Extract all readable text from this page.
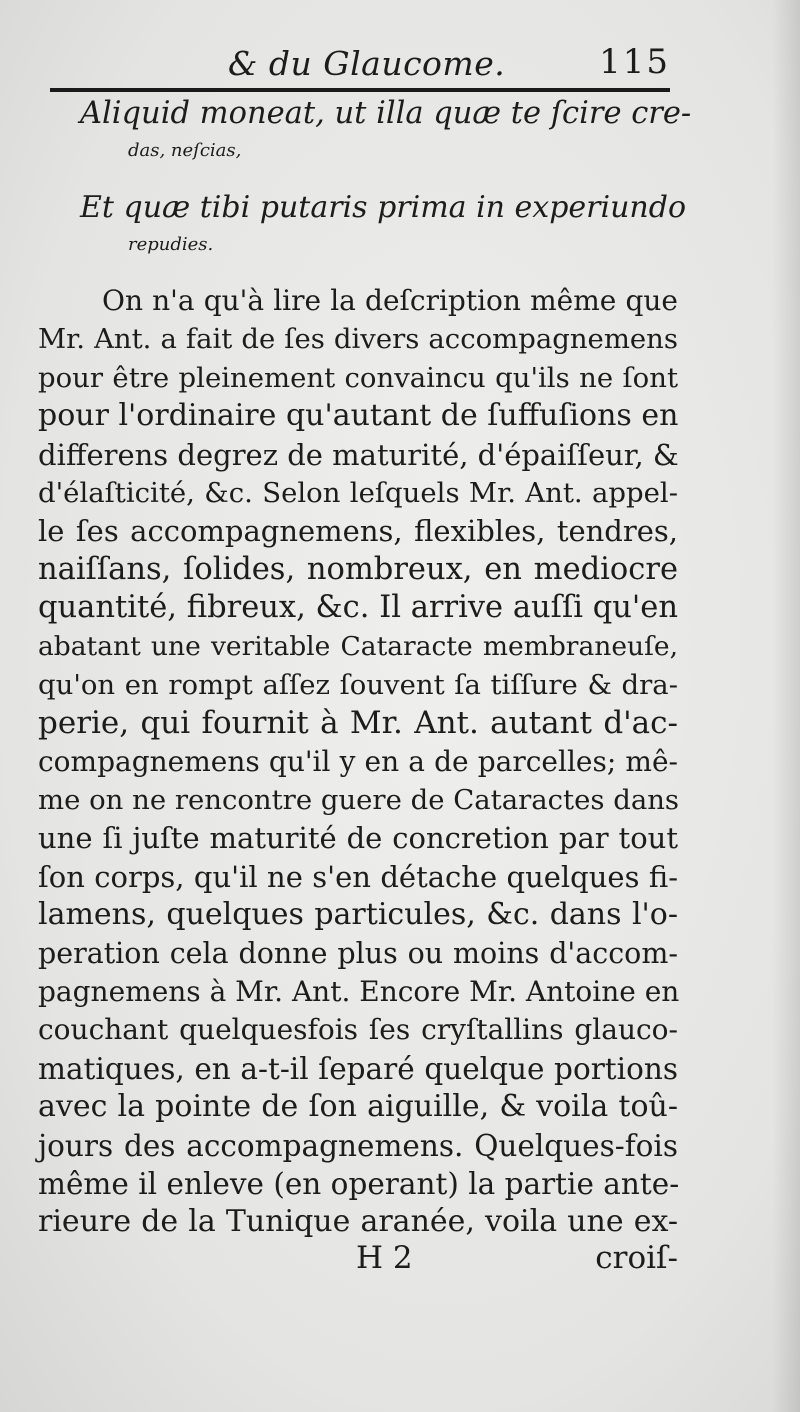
& du Glaucome.	115
Aliquid moneat, ut illa quæ te ſcire cre-
das, neſcias,
Et quæ tibi putaris prima in experiundo
repudies.
On n'a qu'à lire la deſcription même que
Mr. Ant. a fait de ſes divers accompagnemens
pour être pleinement convaincu qu'ils ne ſont
pour l'ordinaire qu'autant de ſuffuſions en
differens degrez de maturité, d'épaiſſeur, &
d'élaſticité, &c. Selon leſquels Mr. Ant. appel-
le ſes accompagnemens, flexibles, tendres,
naiſſans, ſolides, nombreux, en mediocre
quantité, fibreux, &c. Il arrive auſſi qu'en
abatant une veritable Cataracte membraneuſe,
qu'on en rompt aſſez ſouvent ſa tiſſure & dra-
perie, qui fournit à Mr. Ant. autant d'ac-
compagnemens qu'il y en a de parcelles; mê-
me on ne rencontre guere de Cataractes dans
une ſi juſte maturité de concretion par tout
ſon corps, qu'il ne s'en détache quelques fi-
lamens, quelques particules, &c. dans l'o-
peration cela donne plus ou moins d'accom-
pagnemens à Mr. Ant. Encore Mr. Antoine en
couchant quelquesfois ſes cryſtallins glauco-
matiques, en a-t-il ſeparé quelque portions
avec la pointe de ſon aiguille, & voila toû-
jours des accompagnemens. Quelques-fois
même il enleve (en operant) la partie ante-
rieure de la Tunique aranée, voila une ex-
H 2	croiſ-
